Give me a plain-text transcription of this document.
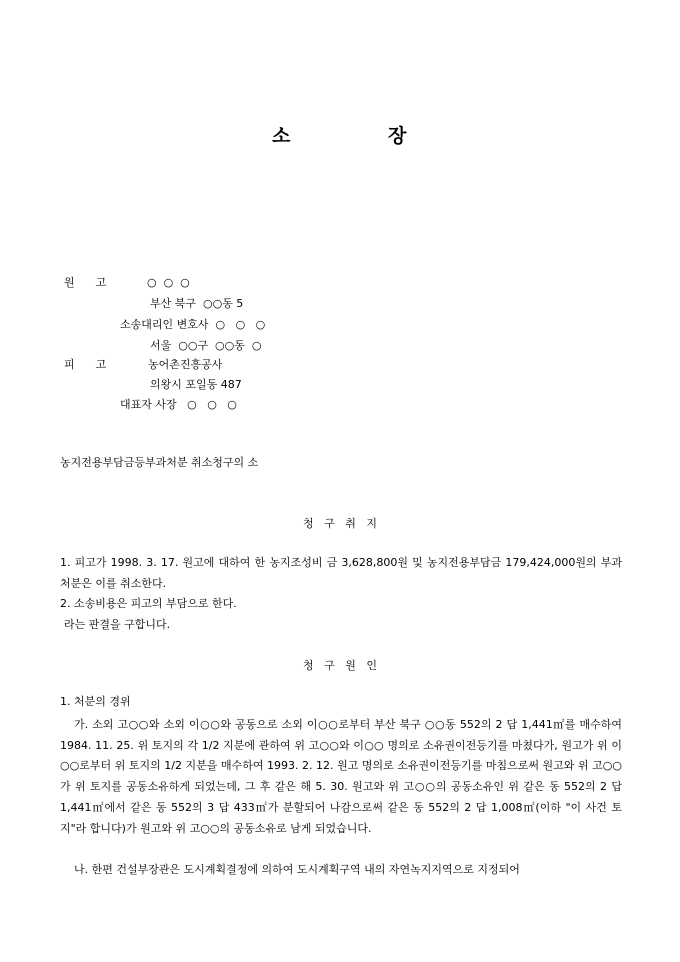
소	장
원      고	○  ○  ○
부산 북구  ○○동 5
소송대리인 변호사  ○   ○   ○
서울  ○○구  ○○동  ○
피      고	농어촌진흥공사
의왕시 포일동 487
대표자 사장   ○   ○   ○
농지전용부담금등부과처분 취소청구의 소
청   구   취   지
1. 피고가 1998. 3. 17. 원고에 대하여 한 농지조성비 금 3,628,800원 및 농지전용부담금 179,424,000원의 부과처분은 이를 취소한다.
2. 소송비용은 피고의 부담으로 한다.
라는 판결을 구합니다.
청   구   원   인
1. 처분의 경위
가. 소외 고○○와 소외 이○○와 공동으로 소외 이○○로부터 부산 북구 ○○동 552의 2 답 1,441㎡를 매수하여 1984. 11. 25. 위 토지의 각 1/2 지분에 관하여 위 고○○와 이○○ 명의로 소유권이전등기를 마쳤다가, 원고가 위 이○○로부터 위 토지의 1/2 지분을 매수하여 1993. 2. 12. 원고 명의로 소유권이전등기를 마침으로써 원고와 위 고○○가 위 토지를 공동소유하게 되었는데, 그 후 같은 해 5. 30. 원고와 위 고○○의 공동소유인 위 같은 동 552의 2 답 1,441㎡에서 같은 동 552의 3 답 433㎡가 분할되어 나감으로써 같은 동 552의 2 답 1,008㎡(이하 "이 사건 토지"라 합니다)가 원고와 위 고○○의 공동소유로 남게 되었습니다.
나. 한편 건설부장관은 도시계획결정에 의하여 도시계획구역 내의 자연녹지지역으로 지정되어
